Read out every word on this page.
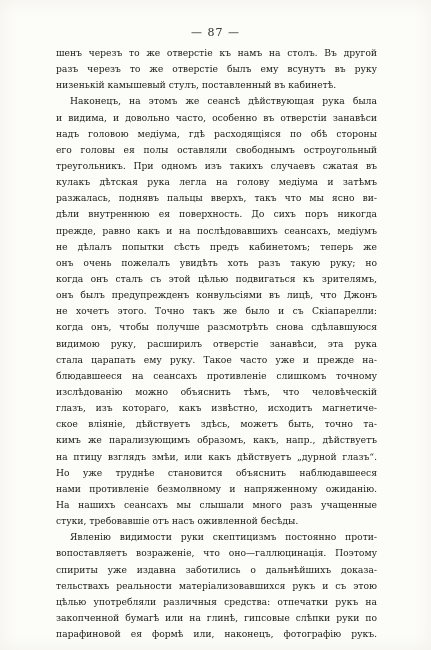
— 87 —
шенъ черезъ то же отверстіе къ намъ на столъ. Въ другой
разъ черезъ то же отверстіе былъ ему всунутъ въ руку
низенькій камышевый стулъ, поставленный въ кабинетѣ.
Наконецъ, на этомъ же сеансѣ дѣйствующая рука была
и видима, и довольно часто, особенно въ отверстіи занавѣси
надъ головою медіума, гдѣ расходящіяся по обѣ стороны
его головы ея полы оставляли свободнымъ остроугольный
треугольникъ. При одномъ изъ такихъ случаевъ сжатая въ
кулакъ дѣтская рука легла на голову медіума и затѣмъ
разжалась, поднявъ пальцы вверхъ, такъ что мы ясно ви-
дѣли внутреннюю ея поверхность. До сихъ поръ никогда
прежде, равно какъ и на послѣдовавшихъ сеансахъ, медіумъ
не дѣлалъ попытки сѣсть предъ кабинетомъ; теперь же
онъ очень пожелалъ увидѣть хоть разъ такую руку; но
когда онъ сталъ съ этой цѣлью подвигаться къ зрителямъ,
онъ былъ предупрежденъ конвульсіями въ лицѣ, что Джонъ
не хочетъ этого. Точно такъ же было и съ Скіапарелли:
когда онъ, чтобы получше разсмотрѣть снова сдѣлавшуюся
видимою руку, расширилъ отверстіе занавѣси, эта рука
стала царапать ему руку. Такое часто уже и прежде на-
блюдавшееся на сеансахъ противленіе слишкомъ точному
изслѣдованію можно объяснить тѣмъ, что человѣческій
глазъ, изъ котораго, какъ извѣстно, исходитъ магнетиче-
ское вліяніе, дѣйствуетъ здѣсь, можетъ быть, точно та-
кимъ же парализующимъ образомъ, какъ, напр., дѣйствуетъ
на птицу взглядъ змѣи, или какъ дѣйствуетъ „дурной глазъ“.
Но уже труднѣе становится объяснить наблюдавшееся
нами противленіе безмолвному и напряженному ожиданію.
На нашихъ сеансахъ мы слышали много разъ учащенные
стуки, требовавшіе отъ насъ оживленной бесѣды.
Явленію видимости руки скептицизмъ постоянно проти-
вопоставляетъ возраженіе, что оно—галлюцинація. Поэтому
спириты уже издавна заботились о дальнѣйшихъ доказа-
тельствахъ реальности матеріализовавшихся рукъ и съ этою
цѣлью употребляли различныя средства: отпечатки рукъ на
закопченной бумагѣ или на глинѣ, гипсовые слѣпки руки по
парафиновой ея формѣ или, наконецъ, фотографію рукъ.
